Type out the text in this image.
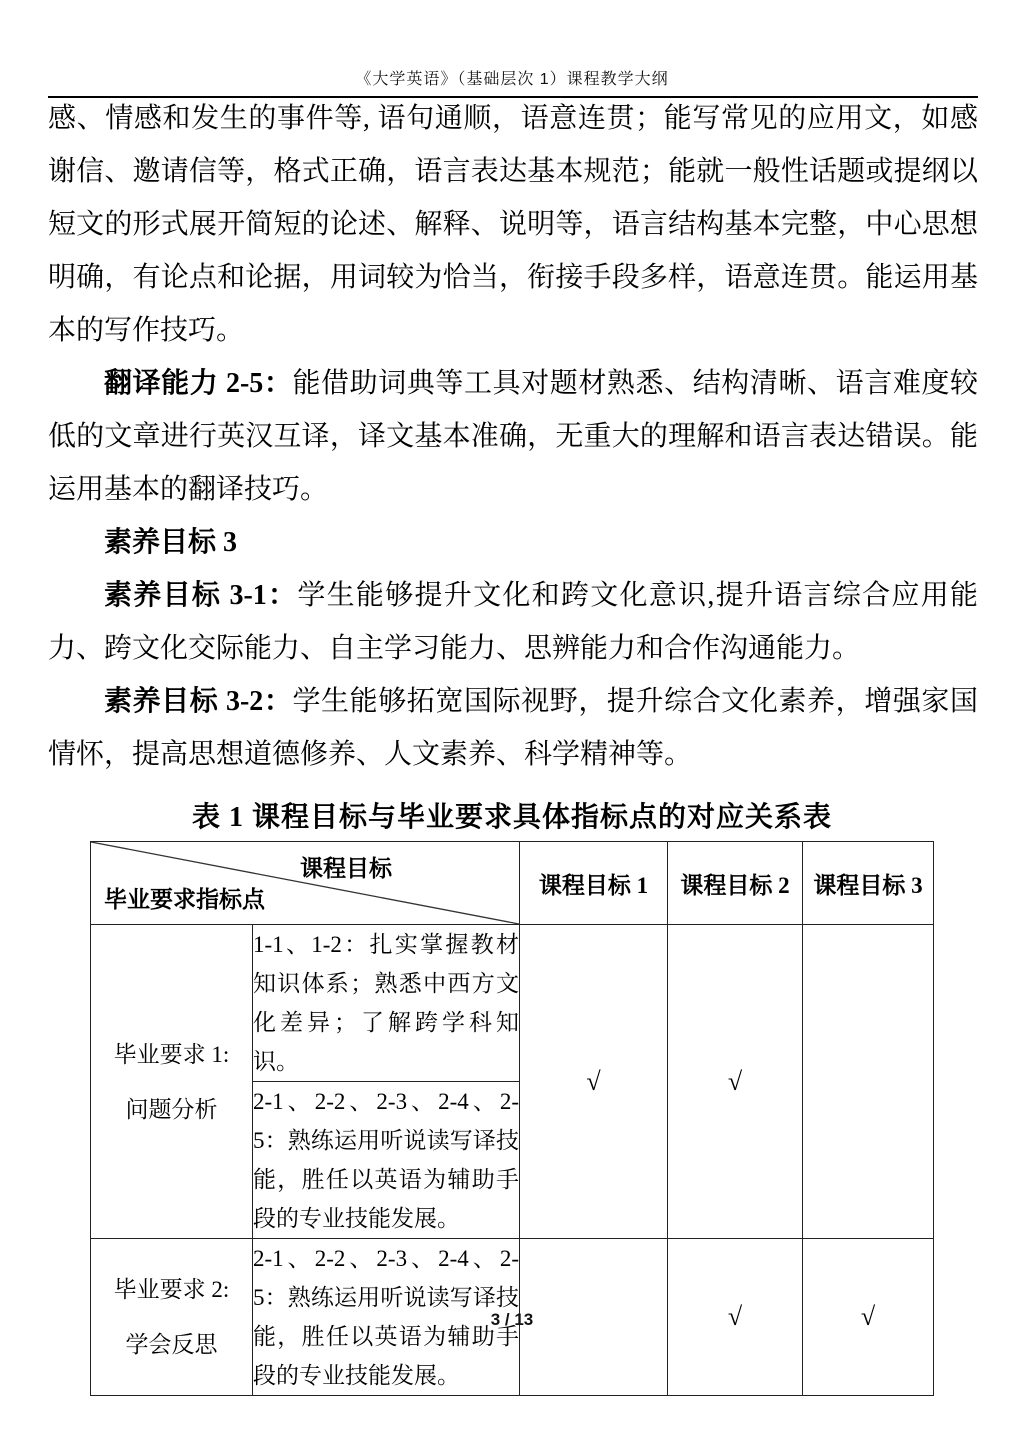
《大学英语》（基础层次 1）课程教学大纲

感、情感和发生的事件等, 语句通顺，语意连贯；能写常见的应用文，如感谢信、邀请信等，格式正确，语言表达基本规范；能就一般性话题或提纲以短文的形式展开简短的论述、解释、说明等，语言结构基本完整，中心思想明确，有论点和论据，用词较为恰当，衔接手段多样，语意连贯。能运用基本的写作技巧。

翻译能力 2-5：能借助词典等工具对题材熟悉、结构清晰、语言难度较低的文章进行英汉互译，译文基本准确，无重大的理解和语言表达错误。能运用基本的翻译技巧。

素养目标 3

素养目标 3-1：学生能够提升文化和跨文化意识,提升语言综合应用能力、跨文化交际能力、自主学习能力、思辨能力和合作沟通能力。

素养目标 3-2：学生能够拓宽国际视野，提升综合文化素养，增强家国情怀，提高思想道德修养、人文素养、科学精神等。

表 1 课程目标与毕业要求具体指标点的对应关系表
课程目标
毕业要求指标点		课程目标 1	课程目标 2	课程目标 3

毕业要求 1:
问题分析	1-1、1-2：扎实掌握教材知识体系；熟悉中西方文化差异；了解跨学科知识。	√	√	
	2-1、2-2、2-3、2-4、2-5：熟练运用听说读写译技能，胜任以英语为辅助手段的专业技能发展。			

毕业要求 2:
学会反思	2-1、2-2、2-3、2-4、2-5：熟练运用听说读写译技能，胜任以英语为辅助手段的专业技能发展。		√	√
3 / 13
